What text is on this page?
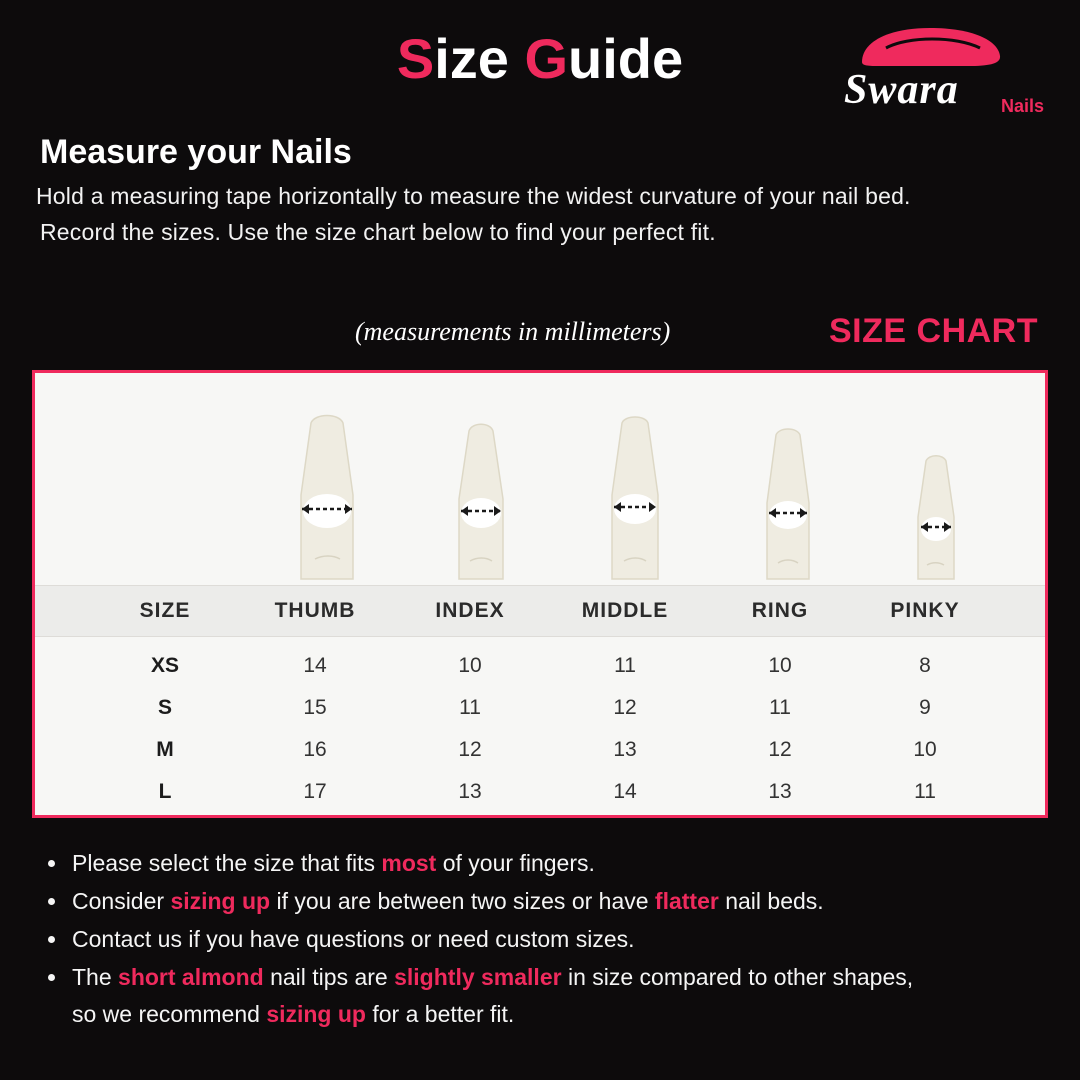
Size Guide	Swara Nails
Measure your Nails
Hold a measuring tape horizontally to measure the widest curvature of your nail bed.
Record the sizes. Use the size chart below to find your perfect fit.
(measurements in millimeters)	SIZE CHART
SIZE	THUMB	INDEX	MIDDLE	RING	PINKY
XS	14	10	11	10	8
S	15	11	12	11	9
M	16	12	13	12	10
L	17	13	14	13	11
Please select the size that fits most of your fingers.
Consider sizing up if you are between two sizes or have flatter nail beds.
Contact us if you have questions or need custom sizes.
The short almond nail tips are slightly smaller in size compared to other shapes,
so we recommend sizing up for a better fit.
